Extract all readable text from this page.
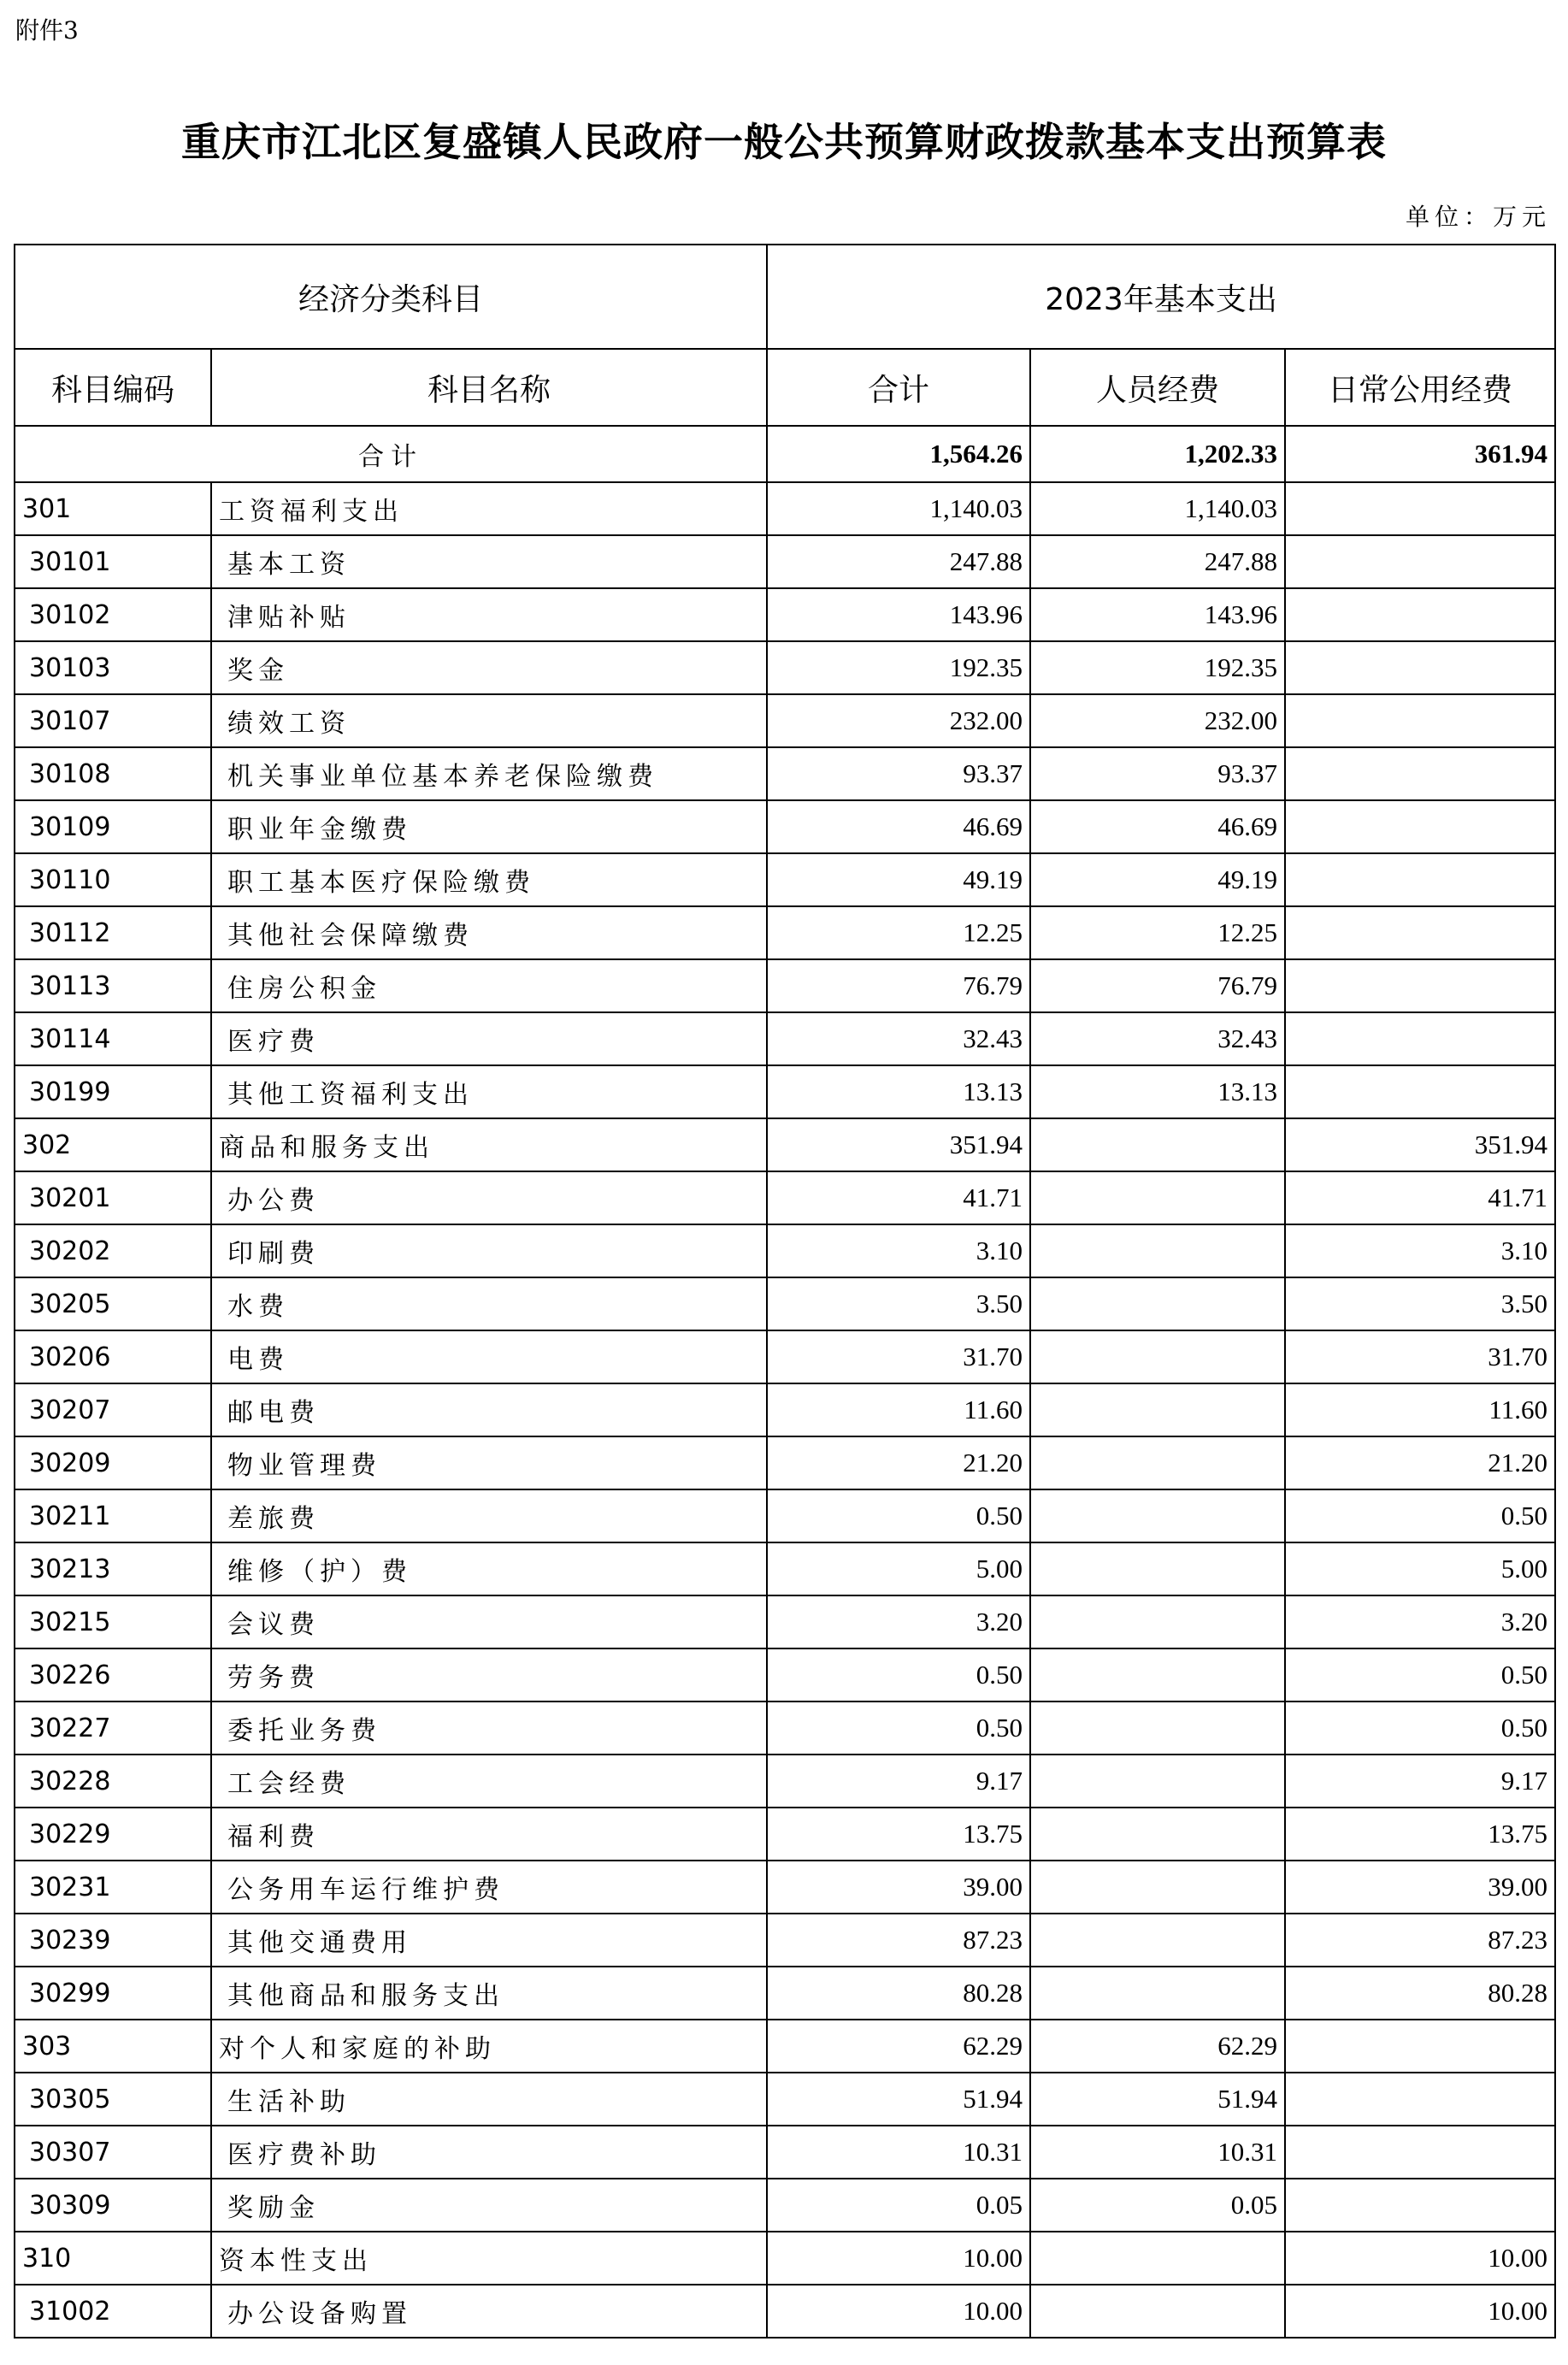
附件3
重庆市江北区复盛镇人民政府一般公共预算财政拨款基本支出预算表
单位：万元
经济分类科目		2023年基本支出		
科目编码	科目名称	合计	人员经费	日常公用经费
合计		1,564.26	1,202.33	361.94
301	工资福利支出	1,140.03	1,140.03	
30101	基本工资	247.88	247.88	
30102	津贴补贴	143.96	143.96	
30103	奖金	192.35	192.35	
30107	绩效工资	232.00	232.00	
30108	机关事业单位基本养老保险缴费	93.37	93.37	
30109	职业年金缴费	46.69	46.69	
30110	职工基本医疗保险缴费	49.19	49.19	
30112	其他社会保障缴费	12.25	12.25	
30113	住房公积金	76.79	76.79	
30114	医疗费	32.43	32.43	
30199	其他工资福利支出	13.13	13.13	
302	商品和服务支出	351.94		351.94
30201	办公费	41.71		41.71
30202	印刷费	3.10		3.10
30205	水费	3.50		3.50
30206	电费	31.70		31.70
30207	邮电费	11.60		11.60
30209	物业管理费	21.20		21.20
30211	差旅费	0.50		0.50
30213	维修（护）费	5.00		5.00
30215	会议费	3.20		3.20
30226	劳务费	0.50		0.50
30227	委托业务费	0.50		0.50
30228	工会经费	9.17		9.17
30229	福利费	13.75		13.75
30231	公务用车运行维护费	39.00		39.00
30239	其他交通费用	87.23		87.23
30299	其他商品和服务支出	80.28		80.28
303	对个人和家庭的补助	62.29	62.29	
30305	生活补助	51.94	51.94	
30307	医疗费补助	10.31	10.31	
30309	奖励金	0.05	0.05	
310	资本性支出	10.00		10.00
31002	办公设备购置	10.00		10.00
